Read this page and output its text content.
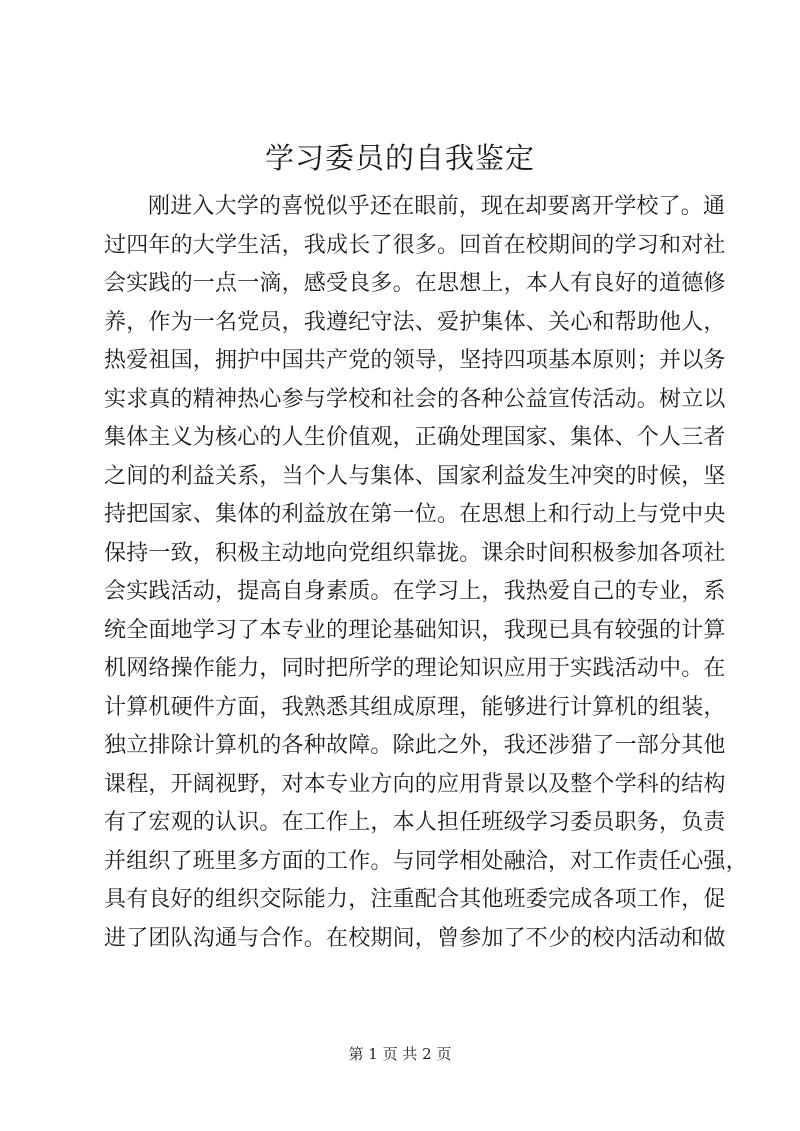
学习委员的自我鉴定
刚进入大学的喜悦似乎还在眼前，现在却要离开学校了。通
过四年的大学生活，我成长了很多。回首在校期间的学习和对社
会实践的一点一滴，感受良多。在思想上，本人有良好的道德修
养，作为一名党员，我遵纪守法、爱护集体、关心和帮助他人，
热爱祖国，拥护中国共产党的领导，坚持四项基本原则；并以务
实求真的精神热心参与学校和社会的各种公益宣传活动。树立以
集体主义为核心的人生价值观，正确处理国家、集体、个人三者
之间的利益关系，当个人与集体、国家利益发生冲突的时候，坚
持把国家、集体的利益放在第一位。在思想上和行动上与党中央
保持一致，积极主动地向党组织靠拢。课余时间积极参加各项社
会实践活动，提高自身素质。在学习上，我热爱自己的专业，系
统全面地学习了本专业的理论基础知识，我现已具有较强的计算
机网络操作能力，同时把所学的理论知识应用于实践活动中。在
计算机硬件方面，我熟悉其组成原理，能够进行计算机的组装，
独立排除计算机的各种故障。除此之外，我还涉猎了一部分其他
课程，开阔视野，对本专业方向的应用背景以及整个学科的结构
有了宏观的认识。在工作上，本人担任班级学习委员职务，负责
并组织了班里多方面的工作。与同学相处融洽，对工作责任心强，
具有良好的组织交际能力，注重配合其他班委完成各项工作，促
进了团队沟通与合作。在校期间，曾参加了不少的校内活动和做
第 1 页 共 2 页
